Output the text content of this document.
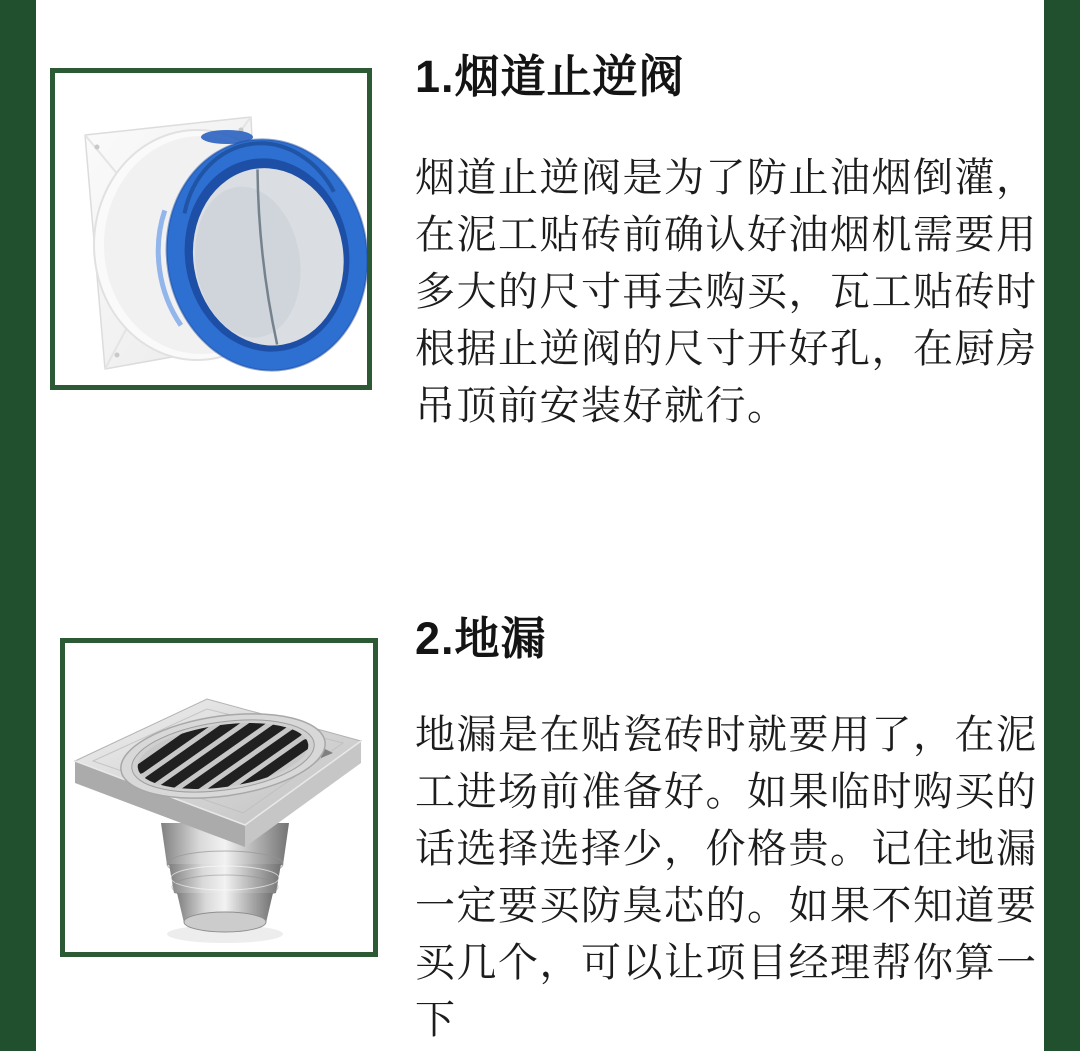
1.烟道止逆阀
烟道止逆阀是为了防止油烟倒灌，在泥工贴砖前确认好油烟机需要用多大的尺寸再去购买，瓦工贴砖时根据止逆阀的尺寸开好孔，在厨房吊顶前安装好就行。
2.地漏
地漏是在贴瓷砖时就要用了，在泥工进场前准备好。如果临时购买的话选择选择少，价格贵。记住地漏一定要买防臭芯的。如果不知道要买几个，可以让项目经理帮你算一下
